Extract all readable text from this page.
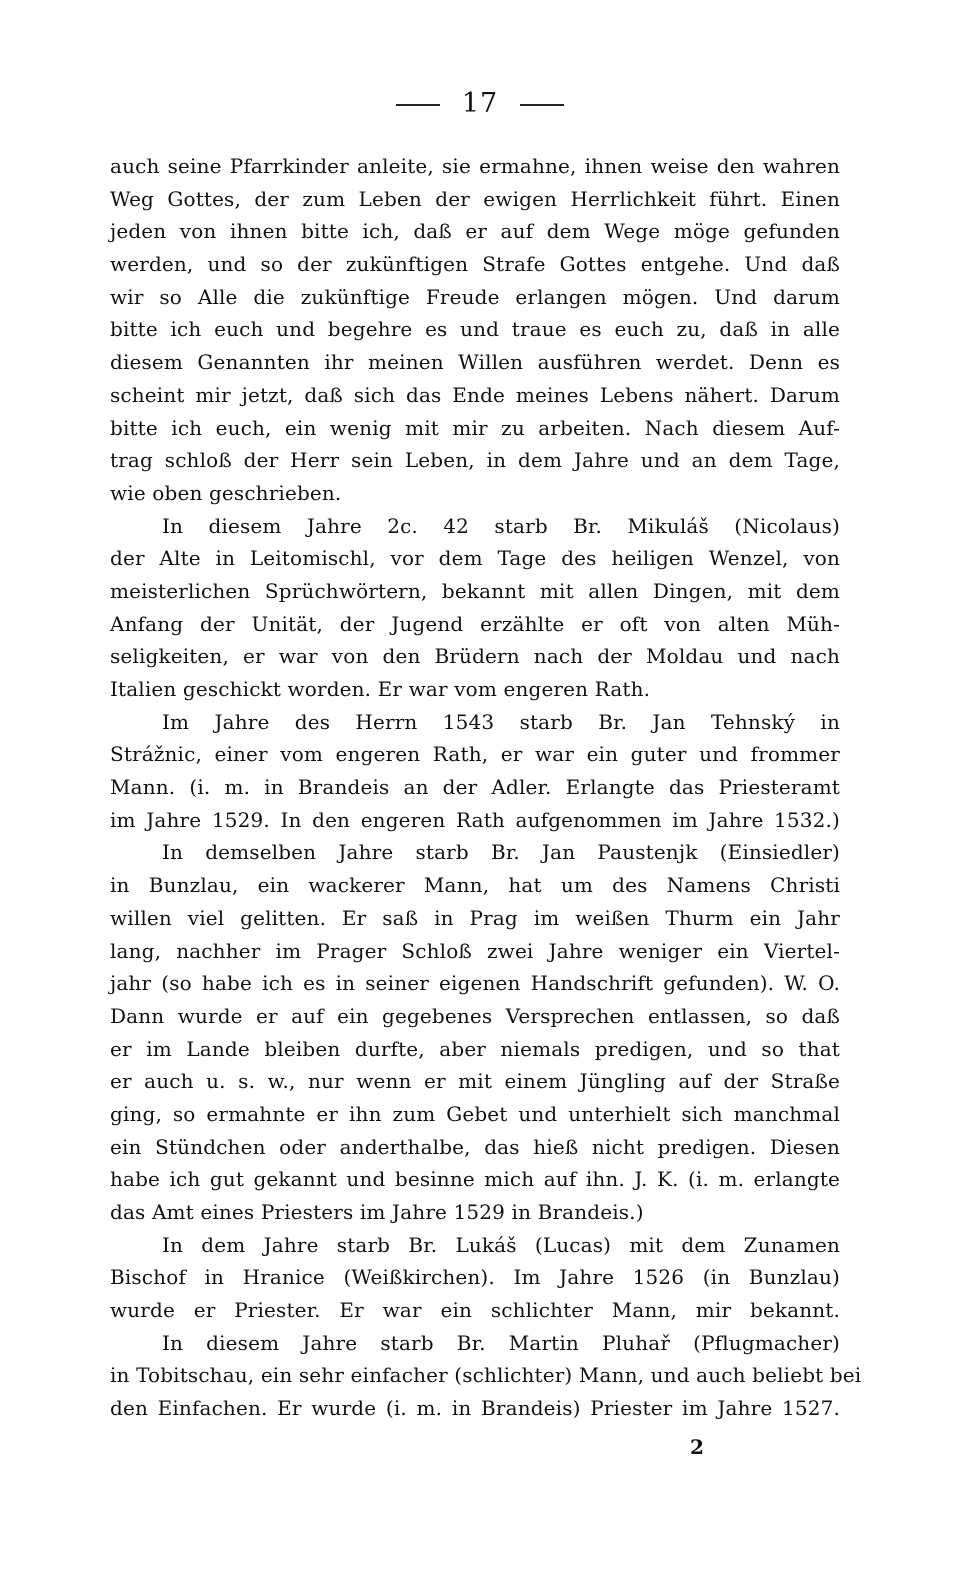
17
auch seine Pfarrkinder anleite, sie ermahne, ihnen weise den wahren
Weg Gottes, der zum Leben der ewigen Herrlichkeit führt. Einen
jeden von ihnen bitte ich, daß er auf dem Wege möge gefunden
werden, und so der zukünftigen Strafe Gottes entgehe. Und daß
wir so Alle die zukünftige Freude erlangen mögen. Und darum
bitte ich euch und begehre es und traue es euch zu, daß in alle
diesem Genannten ihr meinen Willen ausführen werdet. Denn es
scheint mir jetzt, daß sich das Ende meines Lebens nähert. Darum
bitte ich euch, ein wenig mit mir zu arbeiten. Nach diesem Auf-
trag schloß der Herr sein Leben, in dem Jahre und an dem Tage,
wie oben geschrieben.
In diesem Jahre 2c. 42 starb Br. Mikuláš (Nicolaus)
der Alte in Leitomischl, vor dem Tage des heiligen Wenzel, von
meisterlichen Sprüchwörtern, bekannt mit allen Dingen, mit dem
Anfang der Unität, der Jugend erzählte er oft von alten Müh-
seligkeiten, er war von den Brüdern nach der Moldau und nach
Italien geschickt worden. Er war vom engeren Rath.
Im Jahre des Herrn 1543 starb Br. Jan Tehnský in
Strážnic, einer vom engeren Rath, er war ein guter und frommer
Mann. (i. m. in Brandeis an der Adler. Erlangte das Priesteramt
im Jahre 1529. In den engeren Rath aufgenommen im Jahre 1532.)
In demselben Jahre starb Br. Jan Paustenjk (Einsiedler)
in Bunzlau, ein wackerer Mann, hat um des Namens Christi
willen viel gelitten. Er saß in Prag im weißen Thurm ein Jahr
lang, nachher im Prager Schloß zwei Jahre weniger ein Viertel-
jahr (so habe ich es in seiner eigenen Handschrift gefunden). W. O.
Dann wurde er auf ein gegebenes Versprechen entlassen, so daß
er im Lande bleiben durfte, aber niemals predigen, und so that
er auch u. s. w., nur wenn er mit einem Jüngling auf der Straße
ging, so ermahnte er ihn zum Gebet und unterhielt sich manchmal
ein Stündchen oder anderthalbe, das hieß nicht predigen. Diesen
habe ich gut gekannt und besinne mich auf ihn. J. K. (i. m. erlangte
das Amt eines Priesters im Jahre 1529 in Brandeis.)
In dem Jahre starb Br. Lukáš (Lucas) mit dem Zunamen
Bischof in Hranice (Weißkirchen). Im Jahre 1526 (in Bunzlau)
wurde er Priester. Er war ein schlichter Mann, mir bekannt.
In diesem Jahre starb Br. Martin Pluhař (Pflugmacher)
in Tobitschau, ein sehr einfacher (schlichter) Mann, und auch beliebt bei
den Einfachen. Er wurde (i. m. in Brandeis) Priester im Jahre 1527.
2
